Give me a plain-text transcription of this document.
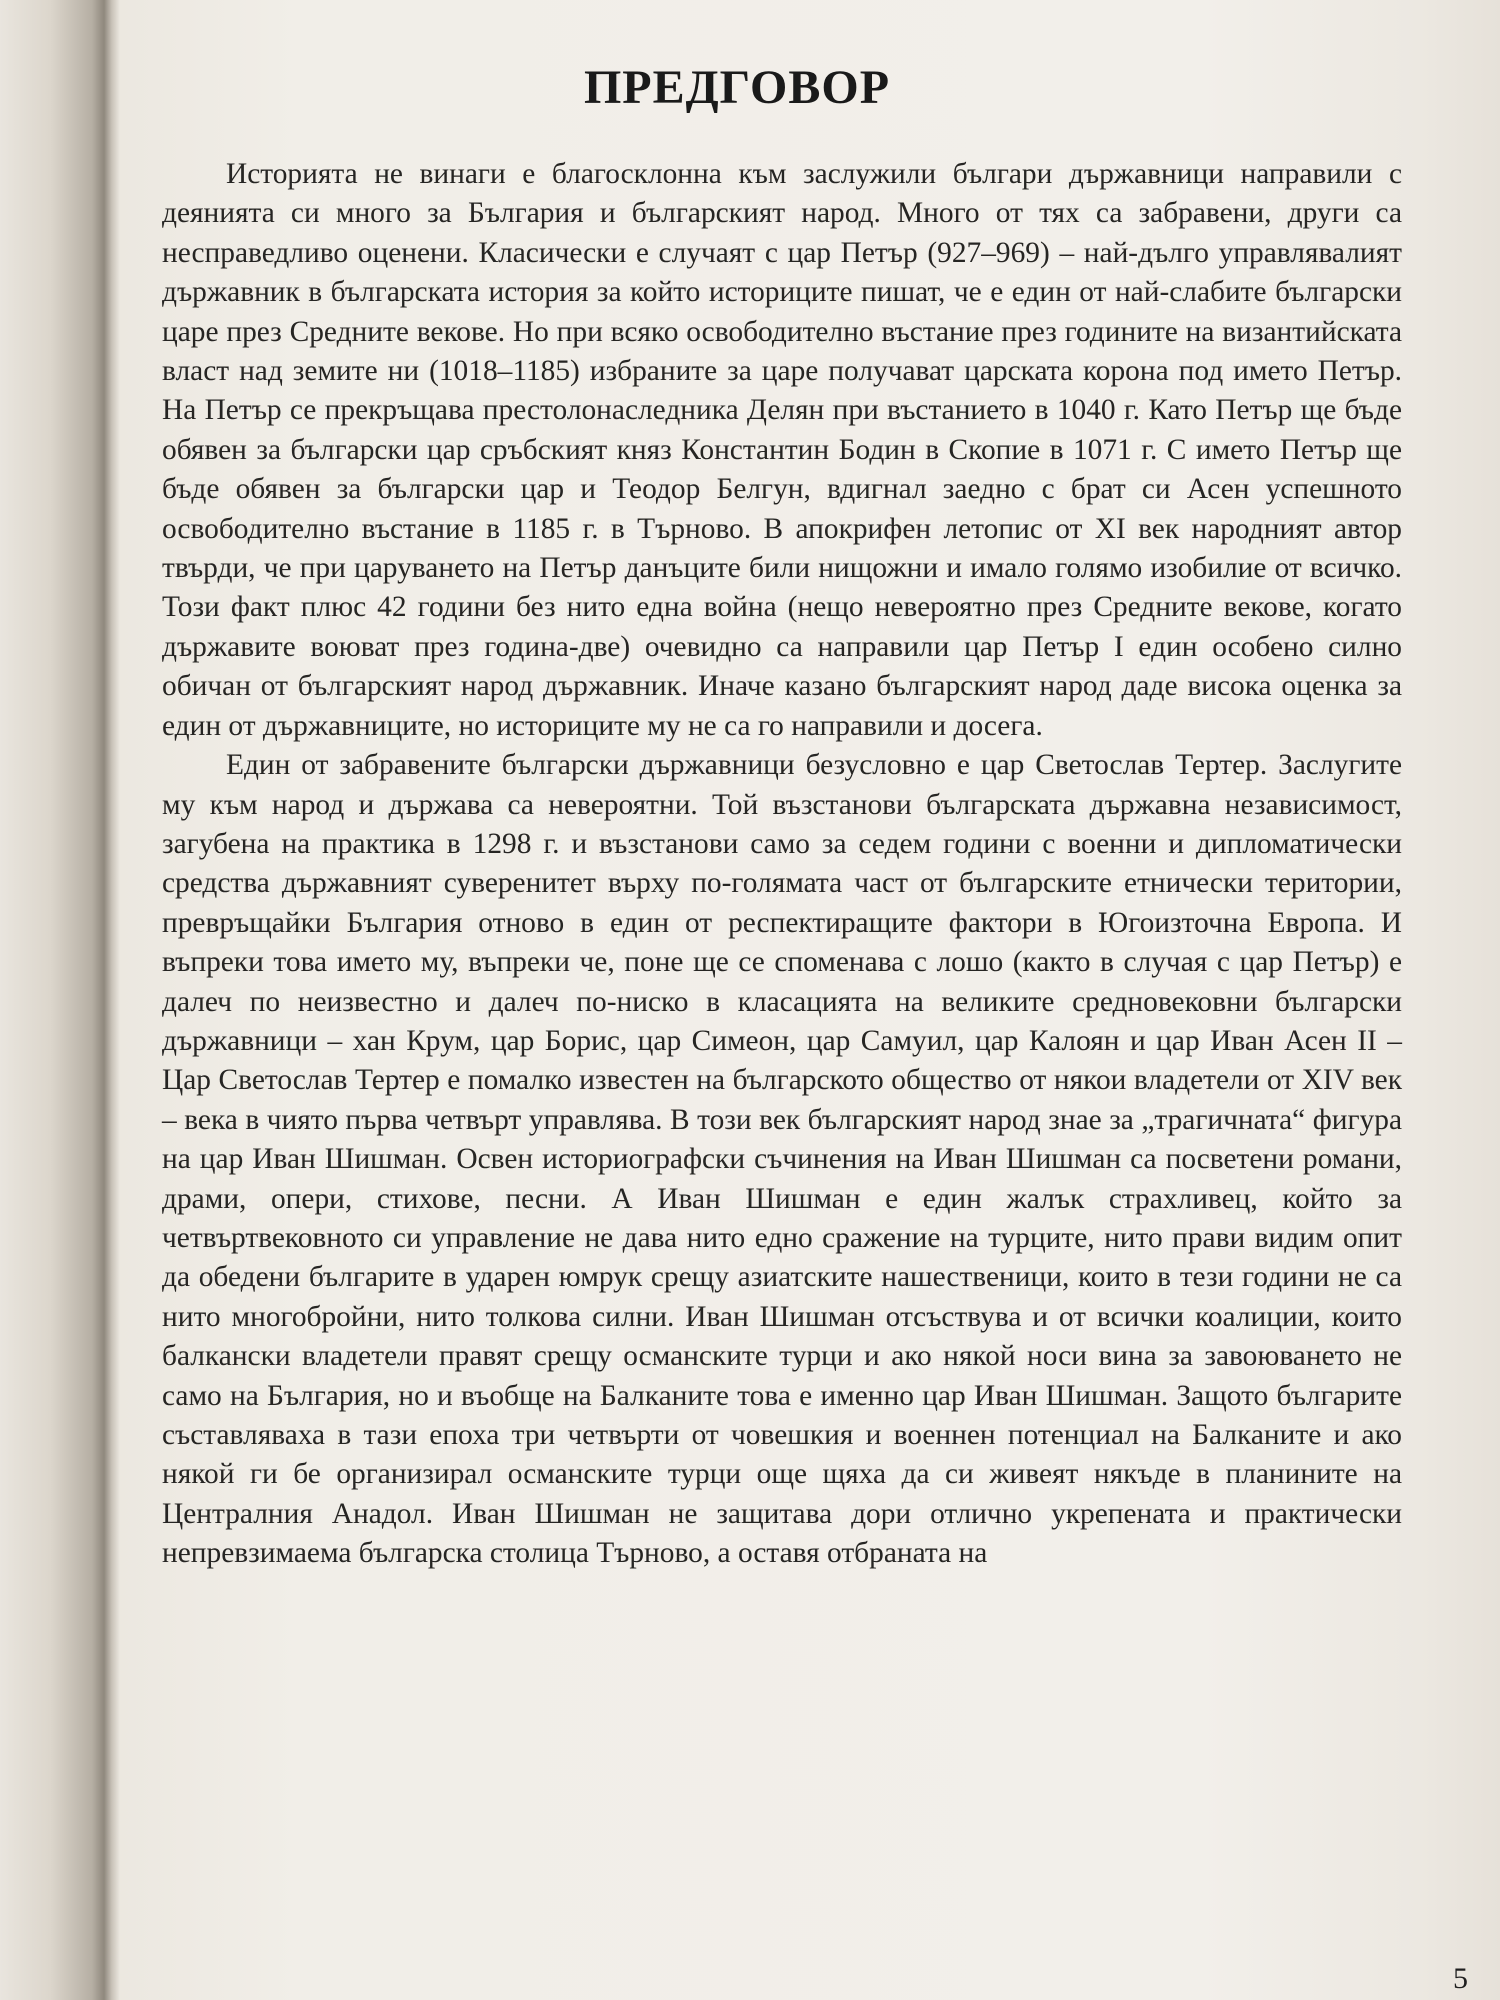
ПРЕДГОВОР

Историята не винаги е благосклонна към заслужили българи държавници направили с деянията си много за България и българският народ. Много от тях са забравени, други са несправедливо оценени. Класически е случаят с цар Петър (927–969) – най-дълго управлявалият държавник в българската история за който историците пишат, че е един от най-слабите български царе през Средните векове. Но при всяко освободително въстание през годините на византийската власт над земите ни (1018–1185) избраните за царе получават царската корона под името Петър. На Петър се прекръщава престолонаследника Делян при въстанието в 1040 г. Като Петър ще бъде обявен за български цар сръбският княз Константин Бодин в Скопие в 1071 г. С името Петър ще бъде обявен за български цар и Теодор Белгун, вдигнал заедно с брат си Асен успешното освободително въстание в 1185 г. в Търново. В апокрифен летопис от XI век народният автор твърди, че при царуването на Петър данъците били нищожни и имало голямо изобилие от всичко. Този факт плюс 42 години без нито една война (нещо невероятно през Средните векове, когато държавите воюват през година-две) очевидно са направили цар Петър I един особено силно обичан от българският народ държавник. Иначе казано българският народ даде висока оценка за един от държавниците, но историците му не са го направили и досега.

Един от забравените български държавници безусловно е цар Светослав Тертер. Заслугите му към народ и държава са невероятни. Той възстанови българската държавна независимост, загубена на практика в 1298 г. и възстанови само за седем години с военни и дипломатически средства държавният суверенитет върху по-голямата част от българските етнически територии, превръщайки България отново в един от респектиращите фактори в Югоизточна Европа. И въпреки това името му, въпреки че, поне ще се споменава с лошо (както в случая с цар Петър) е далеч по неизвестно и далеч по-ниско в класацията на великите средновековни български държавници – хан Крум, цар Борис, цар Симеон, цар Самуил, цар Калоян и цар Иван Асен II – Цар Светослав Тертер е помалко известен на българското общество от някои владетели от XIV век – века в чиято първа четвърт управлява. В този век българският народ знае за „трагичната“ фигура на цар Иван Шишман. Освен историографски съчинения на Иван Шишман са посветени романи, драми, опери, стихове, песни. А Иван Шишман е един жалък страхливец, който за четвъртвековното си управление не дава нито едно сражение на турците, нито прави видим опит да обедени българите в ударен юмрук срещу азиатските нашественици, които в тези години не са нито многобройни, нито толкова силни. Иван Шишман отсъствува и от всички коалиции, които балкански владетели правят срещу османските турци и ако някой носи вина за завоюването не само на България, но и въобще на Балканите това е именно цар Иван Шишман. Защото българите съставляваха в тази епоха три четвърти от човешкия и военнен потенциал на Балканите и ако някой ги бе организирал османските турци още щяха да си живеят някъде в планините на Централния Анадол. Иван Шишман не защитава дори отлично укрепената и практически непревзимаема българска столица Търново, а оставя отбраната на

5
